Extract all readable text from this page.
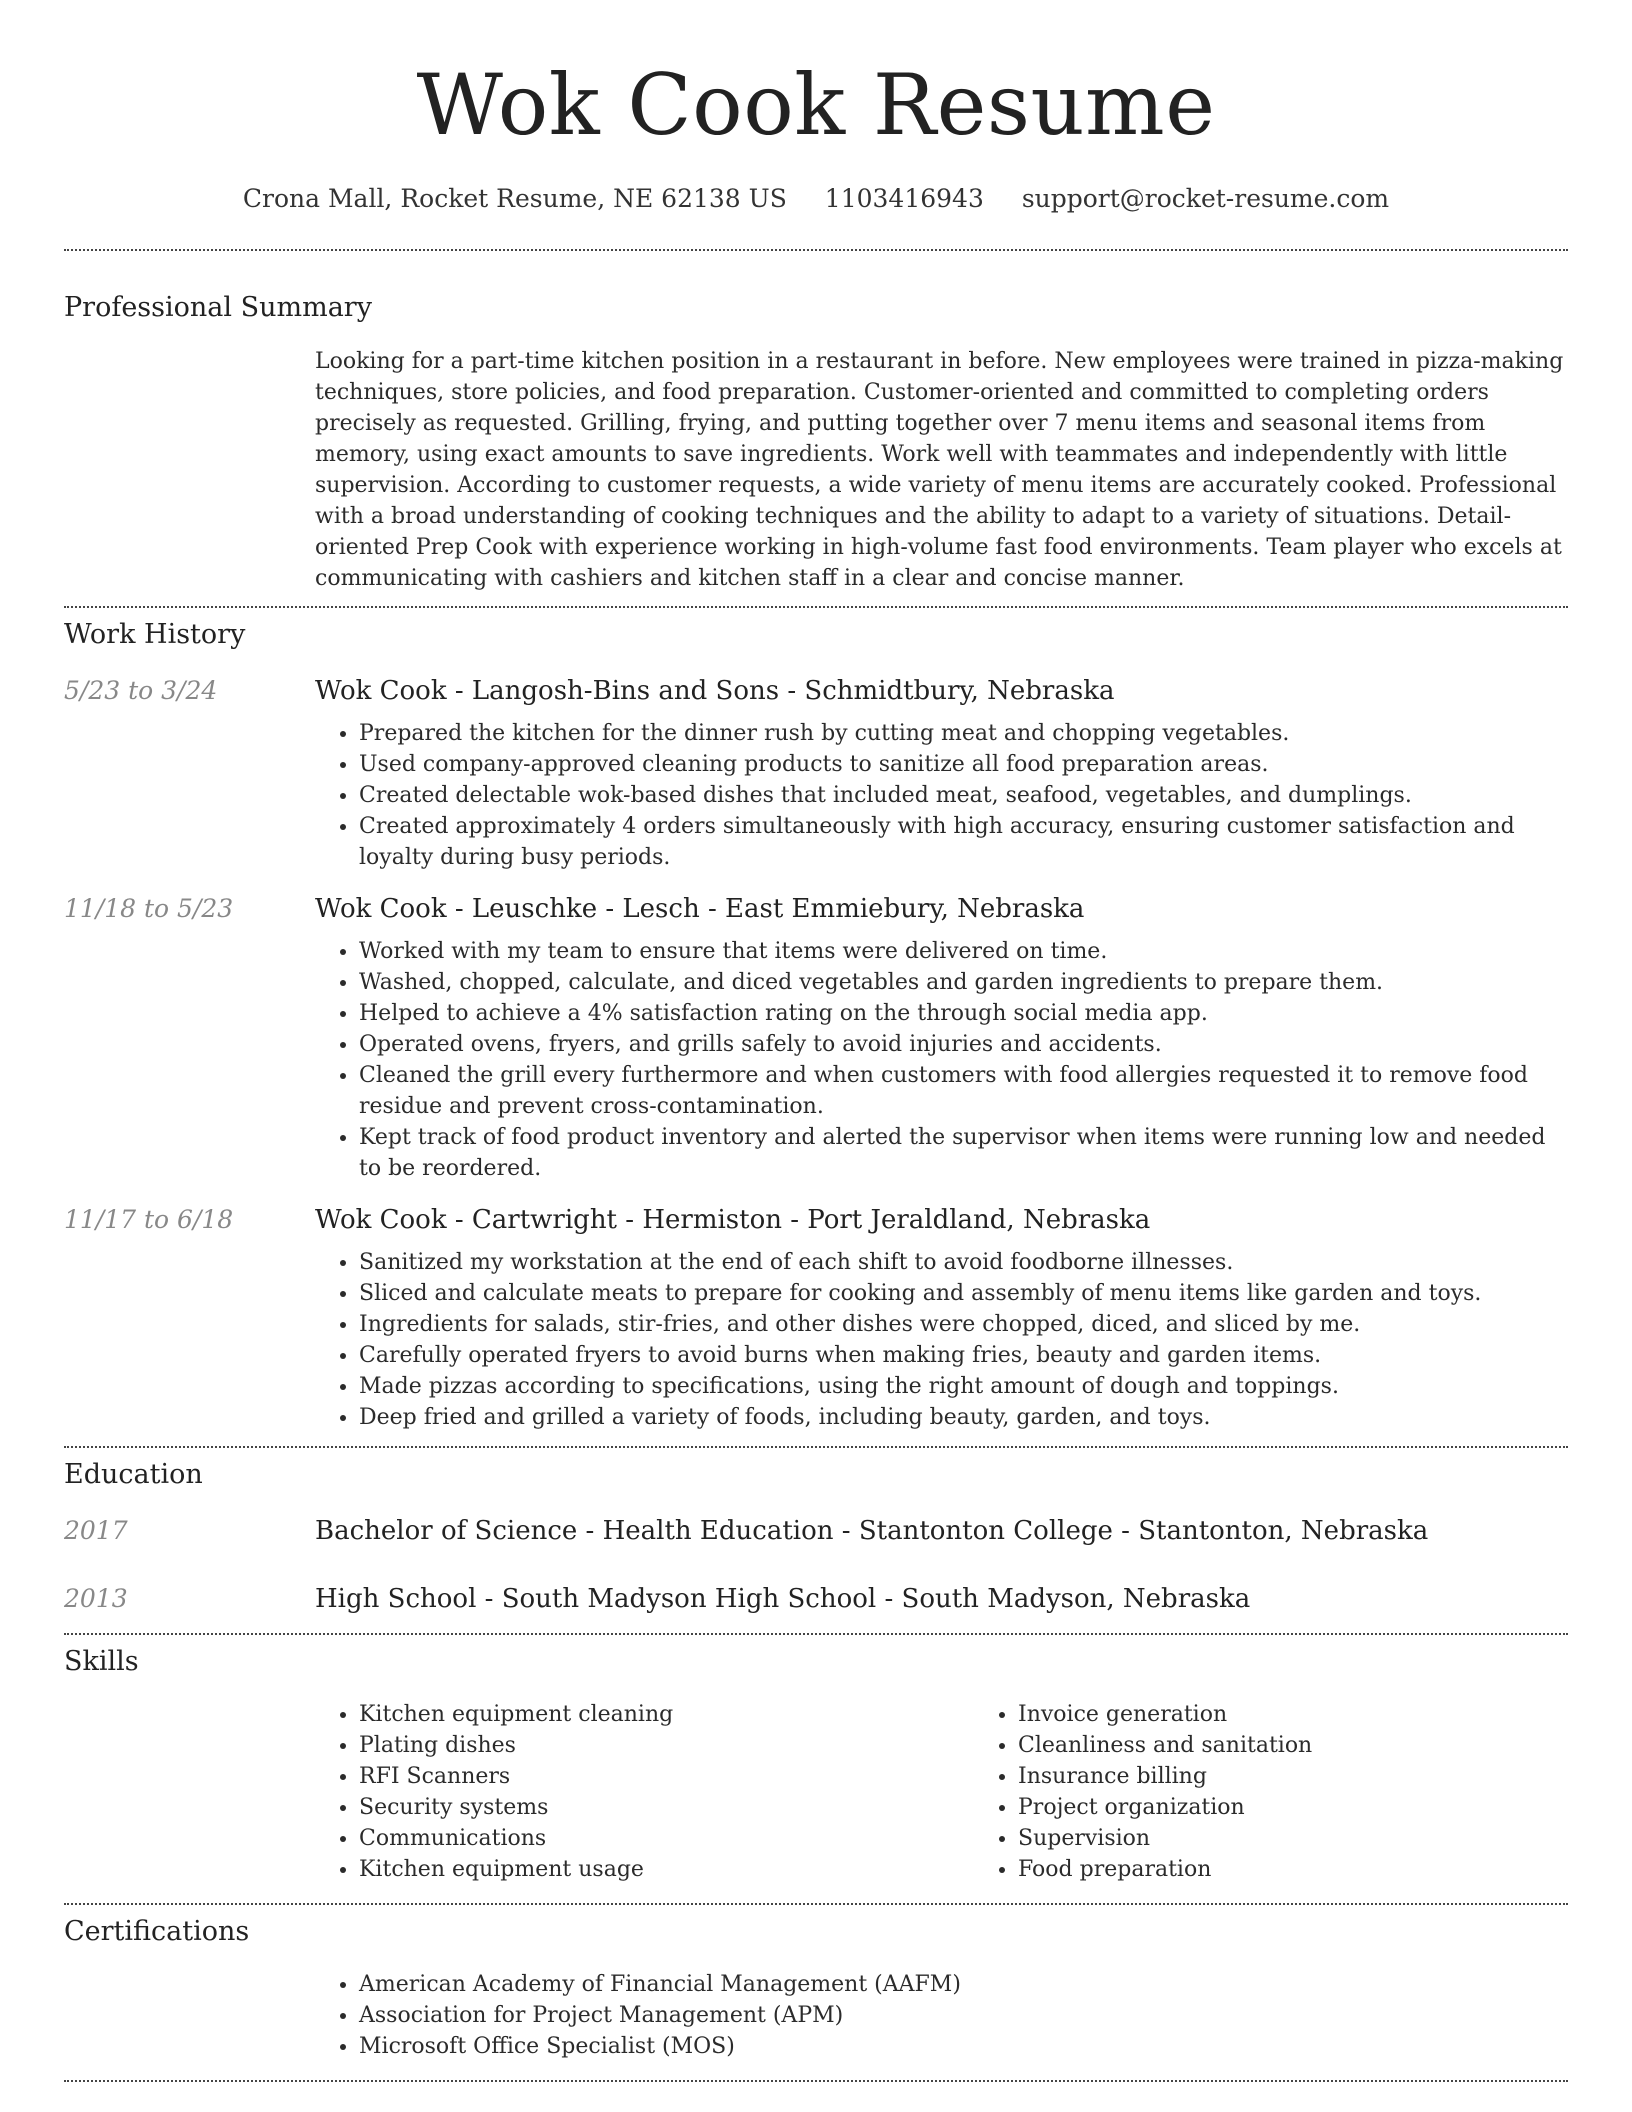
Wok Cook Resume
Crona Mall, Rocket Resume, NE 62138 US 1103416943 support@rocket-resume.com
Professional Summary
Looking for a part-time kitchen position in a restaurant in before. New employees were trained in pizza-making techniques, store policies, and food preparation. Customer-oriented and committed to completing orders precisely as requested. Grilling, frying, and putting together over 7 menu items and seasonal items from memory, using exact amounts to save ingredients. Work well with teammates and independently with little supervision. According to customer requests, a wide variety of menu items are accurately cooked. Professional with a broad understanding of cooking techniques and the ability to adapt to a variety of situations. Detail-oriented Prep Cook with experience working in high-volume fast food environments. Team player who excels at communicating with cashiers and kitchen staff in a clear and concise manner.
Work History
5/23 to 3/24	Wok Cook - Langosh-Bins and Sons - Schmidtbury, Nebraska
• Prepared the kitchen for the dinner rush by cutting meat and chopping vegetables.
• Used company-approved cleaning products to sanitize all food preparation areas.
• Created delectable wok-based dishes that included meat, seafood, vegetables, and dumplings.
• Created approximately 4 orders simultaneously with high accuracy, ensuring customer satisfaction and loyalty during busy periods.
11/18 to 5/23	Wok Cook - Leuschke - Lesch - East Emmiebury, Nebraska
• Worked with my team to ensure that items were delivered on time.
• Washed, chopped, calculate, and diced vegetables and garden ingredients to prepare them.
• Helped to achieve a 4% satisfaction rating on the through social media app.
• Operated ovens, fryers, and grills safely to avoid injuries and accidents.
• Cleaned the grill every furthermore and when customers with food allergies requested it to remove food residue and prevent cross-contamination.
• Kept track of food product inventory and alerted the supervisor when items were running low and needed to be reordered.
11/17 to 6/18	Wok Cook - Cartwright - Hermiston - Port Jeraldland, Nebraska
• Sanitized my workstation at the end of each shift to avoid foodborne illnesses.
• Sliced and calculate meats to prepare for cooking and assembly of menu items like garden and toys.
• Ingredients for salads, stir-fries, and other dishes were chopped, diced, and sliced by me.
• Carefully operated fryers to avoid burns when making fries, beauty and garden items.
• Made pizzas according to specifications, using the right amount of dough and toppings.
• Deep fried and grilled a variety of foods, including beauty, garden, and toys.
Education
2017	Bachelor of Science - Health Education - Stantonton College - Stantonton, Nebraska
2013	High School - South Madyson High School - South Madyson, Nebraska
Skills
• Kitchen equipment cleaning
• Plating dishes
• RFI Scanners
• Security systems
• Communications
• Kitchen equipment usage
• Invoice generation
• Cleanliness and sanitation
• Insurance billing
• Project organization
• Supervision
• Food preparation
Certifications
• American Academy of Financial Management (AAFM)
• Association for Project Management (APM)
• Microsoft Office Specialist (MOS)
